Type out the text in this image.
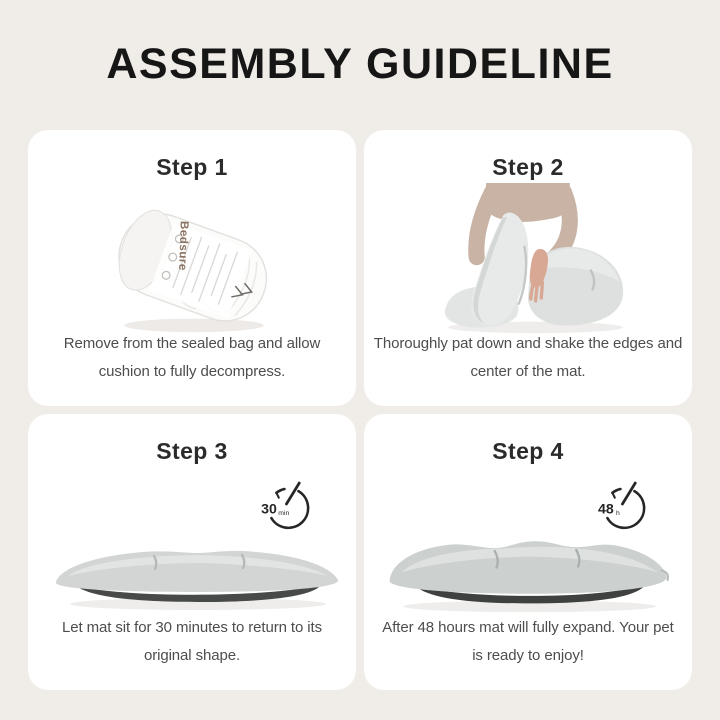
ASSEMBLY GUIDELINE
Step 1
Bedsure
Remove from the sealed bag and allow
cushion to fully decompress.
Step 2
Thoroughly pat down and shake the edges and
center of the mat.
Step 3
30 min
Let mat sit for 30 minutes to return to its
original shape.
Step 4
48 h
After 48 hours mat will fully expand. Your pet
is ready to enjoy!
